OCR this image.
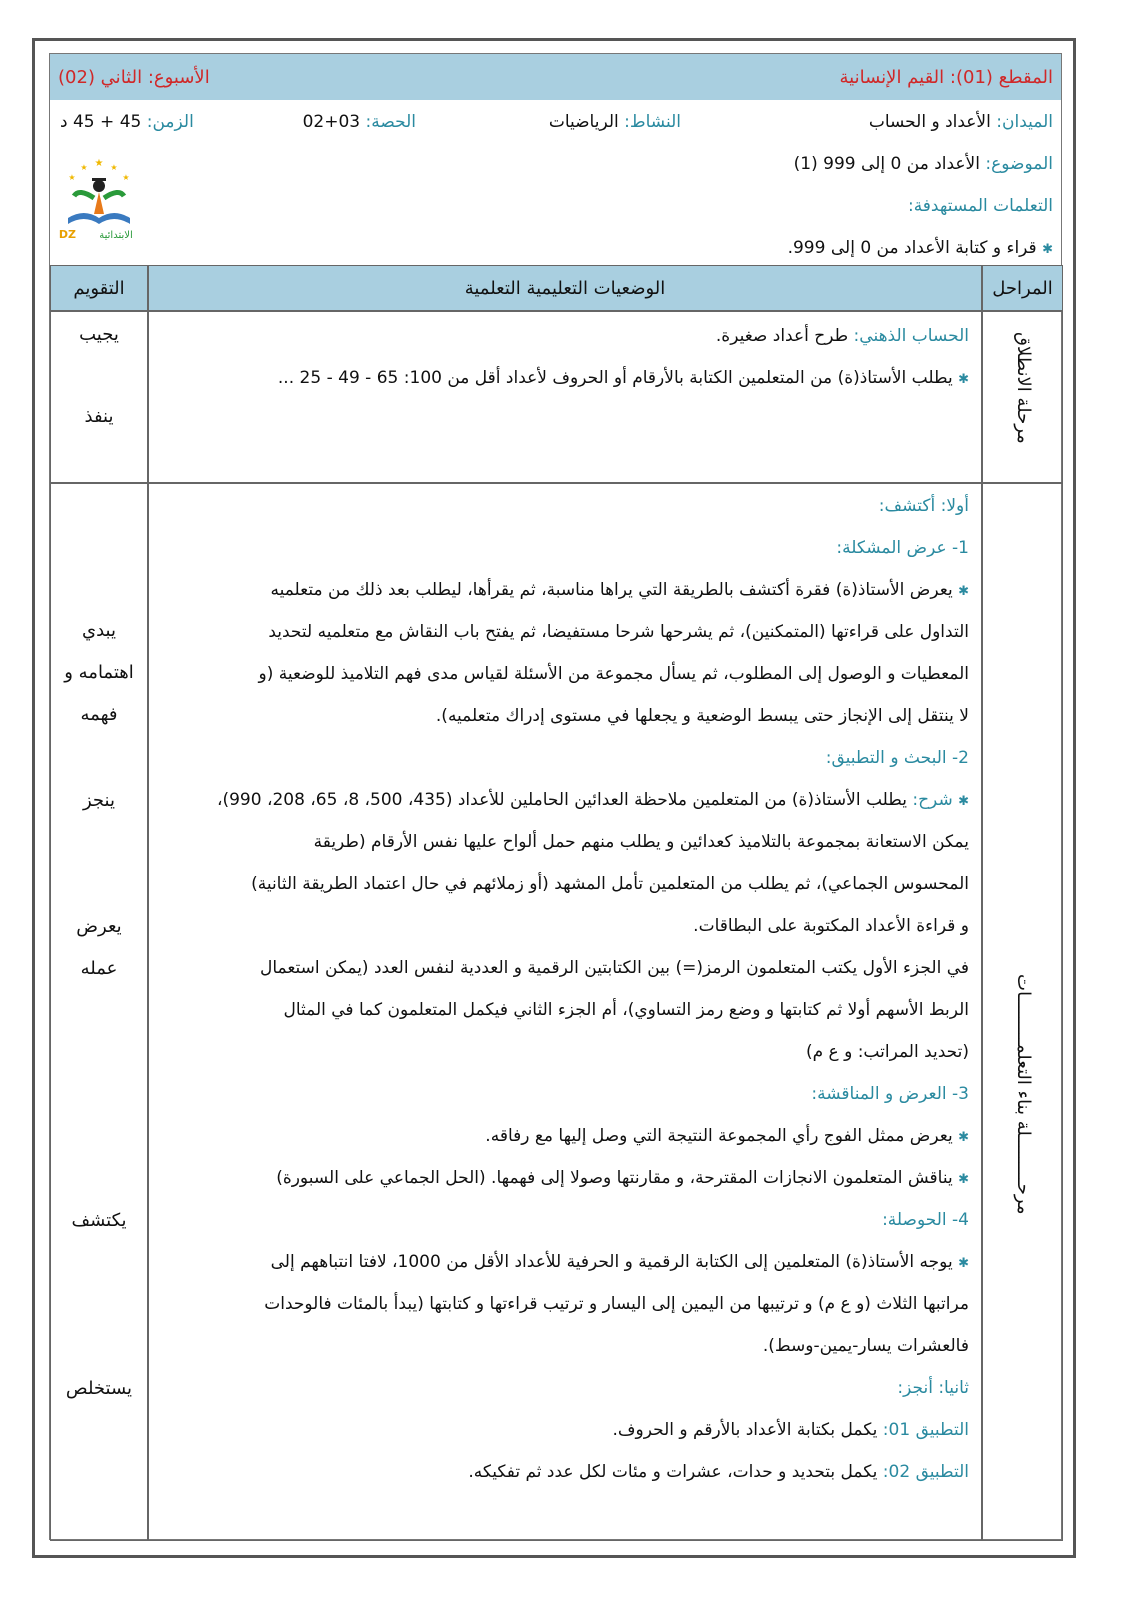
المقطع (01): القيم الإنسانية
الأسبوع: الثاني (02)
الميدان: الأعداد و الحساب
النشاط: الرياضيات
الحصة: 02+03
الزمن: 45 + 45 د
الموضوع: الأعداد من 0 إلى 999 (1)
التعلمات المستهدفة:
✱ قراء و كتابة الأعداد من 0 إلى 999.
★
★	★
★	★
DZ الابتدائية
المراحل
الوضعيات التعليمية التعلمية
التقويم
مرحلة الانطلاق
الحساب الذهني: طرح أعداد صغيرة.
✱ يطلب الأستاذ(ة) من المتعلمين الكتابة بالأرقام أو الحروف لأعداد أقل من 100: 65 - 49 - 25 ...
يجيب
ينفذ
مرحـــــــــلة بناء التعلمـــــــــات
أولا: أكتشف:
1- عرض المشكلة:
✱ يعرض الأستاذ(ة) فقرة أكتشف بالطريقة التي يراها مناسبة، ثم يقرأها، ليطلب بعد ذلك من متعلميه
التداول على قراءتها (المتمكنين)، ثم يشرحها شرحا مستفيضا، ثم يفتح باب النقاش مع متعلميه لتحديد
المعطيات و الوصول إلى المطلوب، ثم يسأل مجموعة من الأسئلة لقياس مدى فهم التلاميذ للوضعية (و
لا ينتقل إلى الإنجاز حتى يبسط الوضعية و يجعلها في مستوى إدراك متعلميه).
2- البحث و التطبيق:
✱ شرح: يطلب الأستاذ(ة) من المتعلمين ملاحظة العدائين الحاملين للأعداد (435، 500، 8، 65، 208، 990)،
يمكن الاستعانة بمجموعة بالتلاميذ كعدائين و يطلب منهم حمل ألواح عليها نفس الأرقام (طريقة
المحسوس الجماعي)، ثم يطلب من المتعلمين تأمل المشهد (أو زملائهم في حال اعتماد الطريقة الثانية)
و قراءة الأعداد المكتوبة على البطاقات.
في الجزء الأول يكتب المتعلمون الرمز(=) بين الكتابتين الرقمية و العددية لنفس العدد (يمكن استعمال
الربط الأسهم أولا ثم كتابتها و وضع رمز التساوي)، أم الجزء الثاني فيكمل المتعلمون كما في المثال
(تحديد المراتب: و ع م)
3- العرض و المناقشة:
✱ يعرض ممثل الفوج رأي المجموعة النتيجة التي وصل إليها مع رفاقه.
✱ يناقش المتعلمون الانجازات المقترحة، و مقارنتها وصولا إلى فهمها. (الحل الجماعي على السبورة)
4- الحوصلة:
✱ يوجه الأستاذ(ة) المتعلمين إلى الكتابة الرقمية و الحرفية للأعداد الأقل من 1000، لافتا انتباههم إلى
مراتبها الثلاث (و ع م) و ترتيبها من اليمين إلى اليسار و ترتيب قراءتها و كتابتها (يبدأ بالمئات فالوحدات
فالعشرات يسار-يمين-وسط).
ثانيا: أنجز:
التطبيق 01: يكمل بكتابة الأعداد بالأرقم و الحروف.
التطبيق 02: يكمل بتحديد و حدات، عشرات و مئات لكل عدد ثم تفكيكه.
يبدي
اهتمامه و
فهمه
ينجز
يعرض
عمله
يكتشف
يستخلص
